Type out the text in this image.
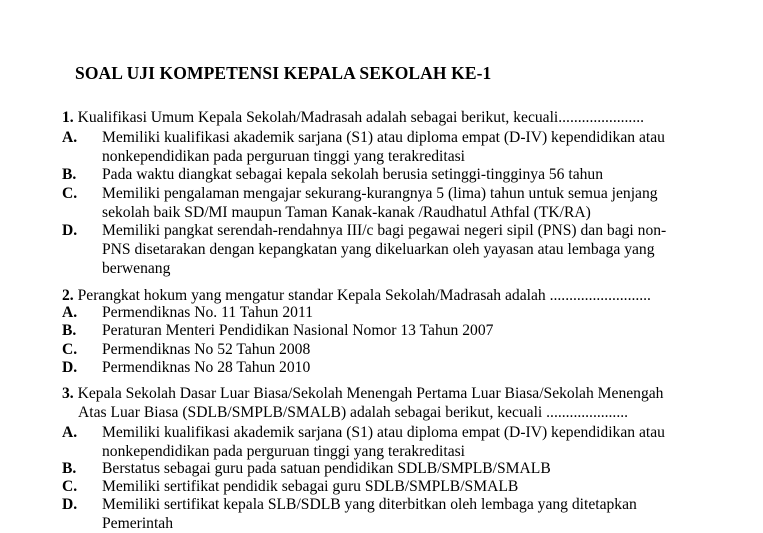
SOAL UJI KOMPETENSI KEPALA SEKOLAH KE-1
1. Kualifikasi Umum Kepala Sekolah/Madrasah adalah sebagai berikut, kecuali......................
A. Memiliki kualifikasi akademik sarjana (S1) atau diploma empat (D-IV) kependidikan atau
nonkependidikan pada perguruan tinggi yang terakreditasi
B. Pada waktu diangkat sebagai kepala sekolah berusia setinggi-tingginya 56 tahun
C. Memiliki pengalaman mengajar sekurang-kurangnya 5 (lima) tahun untuk semua jenjang
sekolah baik SD/MI maupun Taman Kanak-kanak /Raudhatul Athfal (TK/RA)
D. Memiliki pangkat serendah-rendahnya III/c bagi pegawai negeri sipil (PNS) dan bagi non-
PNS disetarakan dengan kepangkatan yang dikeluarkan oleh yayasan atau lembaga yang
berwenang
2. Perangkat hokum yang mengatur standar Kepala Sekolah/Madrasah adalah ..........................
A. Permendiknas No. 11 Tahun 2011
B. Peraturan Menteri Pendidikan Nasional Nomor 13 Tahun 2007
C. Permendiknas No 52 Tahun 2008
D. Permendiknas No 28 Tahun 2010
3. Kepala Sekolah Dasar Luar Biasa/Sekolah Menengah Pertama Luar Biasa/Sekolah Menengah
Atas Luar Biasa (SDLB/SMPLB/SMALB) adalah sebagai berikut, kecuali .....................
A. Memiliki kualifikasi akademik sarjana (S1) atau diploma empat (D-IV) kependidikan atau
nonkependidikan pada perguruan tinggi yang terakreditasi
B. Berstatus sebagai guru pada satuan pendidikan SDLB/SMPLB/SMALB
C. Memiliki sertifikat pendidik sebagai guru SDLB/SMPLB/SMALB
D. Memiliki sertifikat kepala SLB/SDLB yang diterbitkan oleh lembaga yang ditetapkan
Pemerintah
